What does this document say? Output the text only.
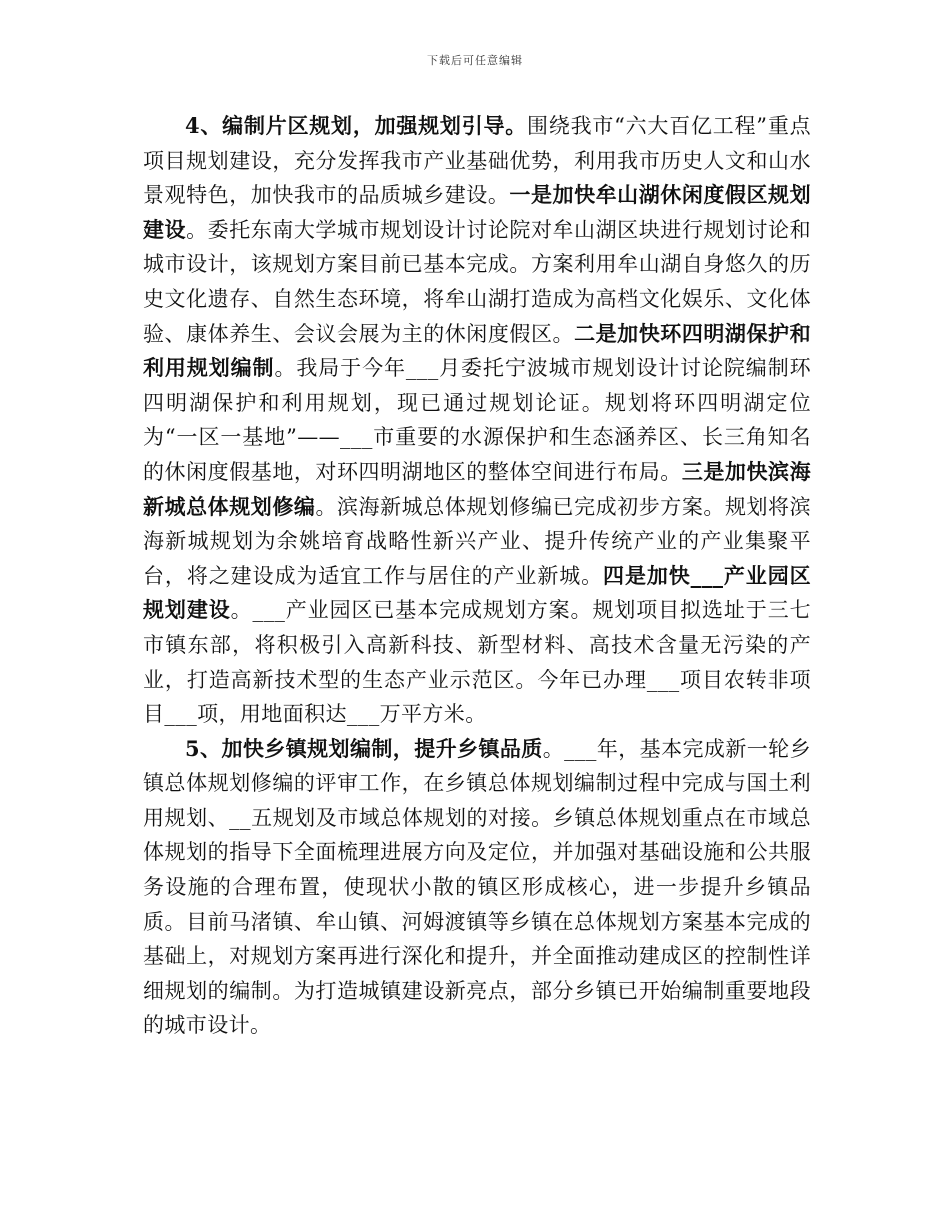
下载后可任意编辑

4、编制片区规划，加强规划引导。围绕我市“六大百亿工程”重点项目规划建设，充分发挥我市产业基础优势，利用我市历史人文和山水景观特色，加快我市的品质城乡建设。一是加快牟山湖休闲度假区规划建设。委托东南大学城市规划设计讨论院对牟山湖区块进行规划讨论和城市设计，该规划方案目前已基本完成。方案利用牟山湖自身悠久的历史文化遗存、自然生态环境，将牟山湖打造成为高档文化娱乐、文化体验、康体养生、会议会展为主的休闲度假区。二是加快环四明湖保护和利用规划编制。我局于今年___月委托宁波城市规划设计讨论院编制环四明湖保护和利用规划，现已通过规划论证。规划将环四明湖定位为“一区一基地”——___市重要的水源保护和生态涵养区、长三角知名的休闲度假基地，对环四明湖地区的整体空间进行布局。三是加快滨海新城总体规划修编。滨海新城总体规划修编已完成初步方案。规划将滨海新城规划为余姚培育战略性新兴产业、提升传统产业的产业集聚平台，将之建设成为适宜工作与居住的产业新城。四是加快___产业园区规划建设。___产业园区已基本完成规划方案。规划项目拟选址于三七市镇东部，将积极引入高新科技、新型材料、高技术含量无污染的产业，打造高新技术型的生态产业示范区。今年已办理___项目农转非项目___项，用地面积达___万平方米。

5、加快乡镇规划编制，提升乡镇品质。___年，基本完成新一轮乡镇总体规划修编的评审工作，在乡镇总体规划编制过程中完成与国土利用规划、__五规划及市域总体规划的对接。乡镇总体规划重点在市域总体规划的指导下全面梳理进展方向及定位，并加强对基础设施和公共服务设施的合理布置，使现状小散的镇区形成核心，进一步提升乡镇品质。目前马渚镇、牟山镇、河姆渡镇等乡镇在总体规划方案基本完成的基础上，对规划方案再进行深化和提升，并全面推动建成区的控制性详细规划的编制。为打造城镇建设新亮点，部分乡镇已开始编制重要地段的城市设计。
